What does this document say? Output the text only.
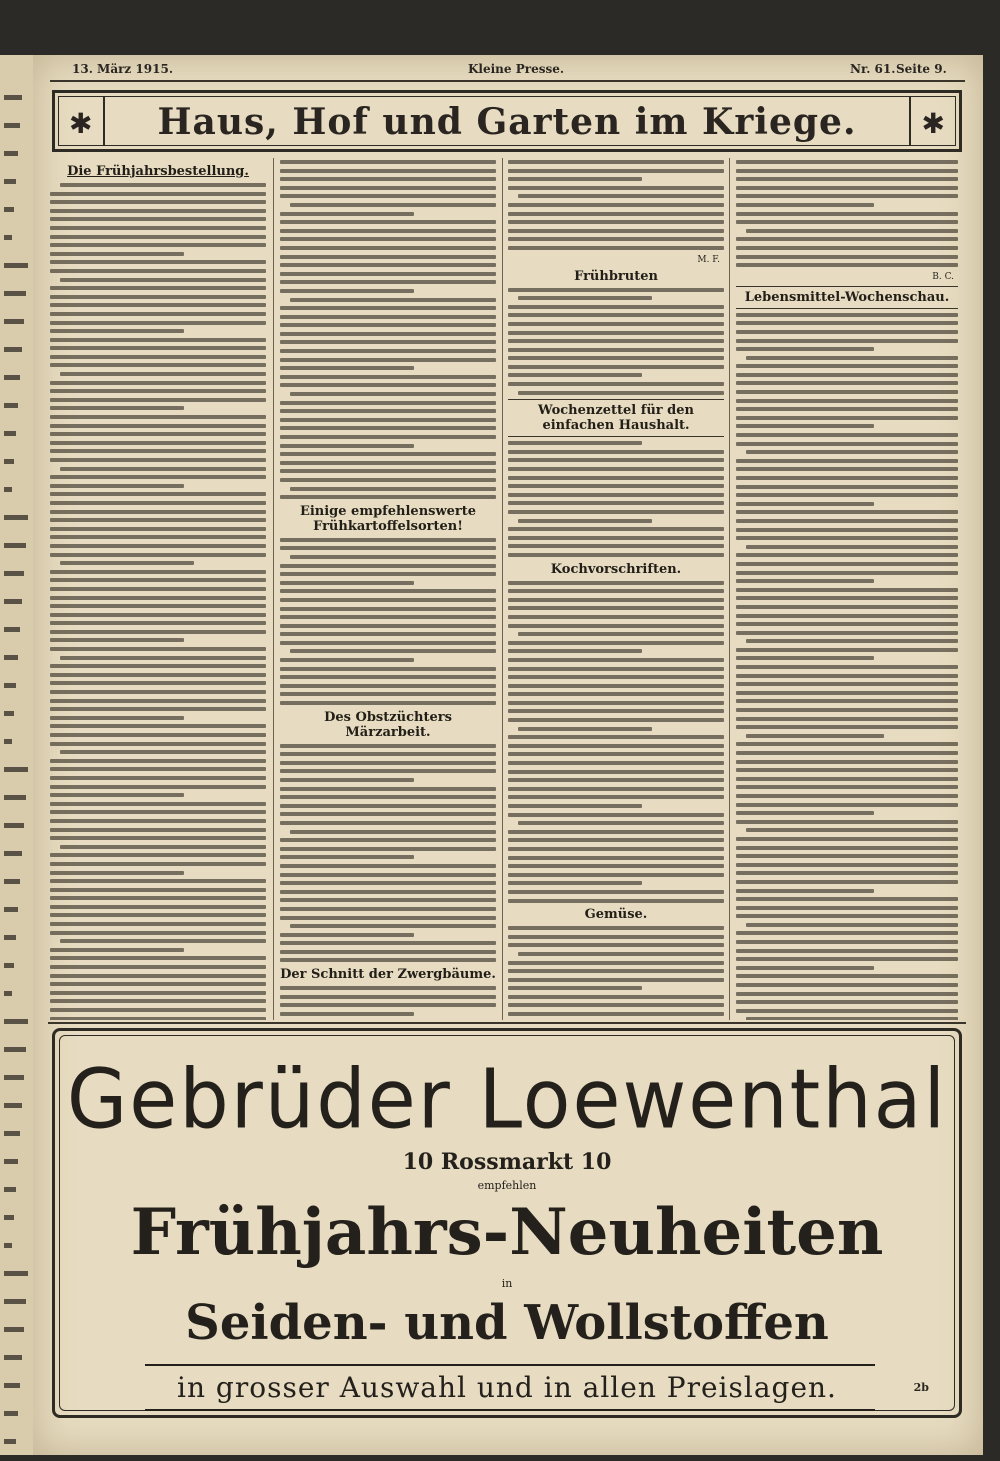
13. März 1915.	Kleine Presse.	Nr. 61. Seite 9.
✱	✱
Haus, Hof und Garten im Kriege.
Die Frühjahrsbestellung.
Einige empfehlenswerte Frühkartoffelsorten!
Des Obstzüchters Märzarbeit.
Der Schnitt der Zwergbäume.
M. F.
Frühbruten
Wochenzettel für den einfachen Haushalt.
Kochvorschriften.
Gemüse.
B. C.
Lebensmittel-Wochenschau.
Gebrüder Loewenthal
10 Rossmarkt 10
empfehlen
Frühjahrs-Neuheiten
in
Seiden- und Wollstoffen
in grosser Auswahl und in allen Preislagen.	2b
